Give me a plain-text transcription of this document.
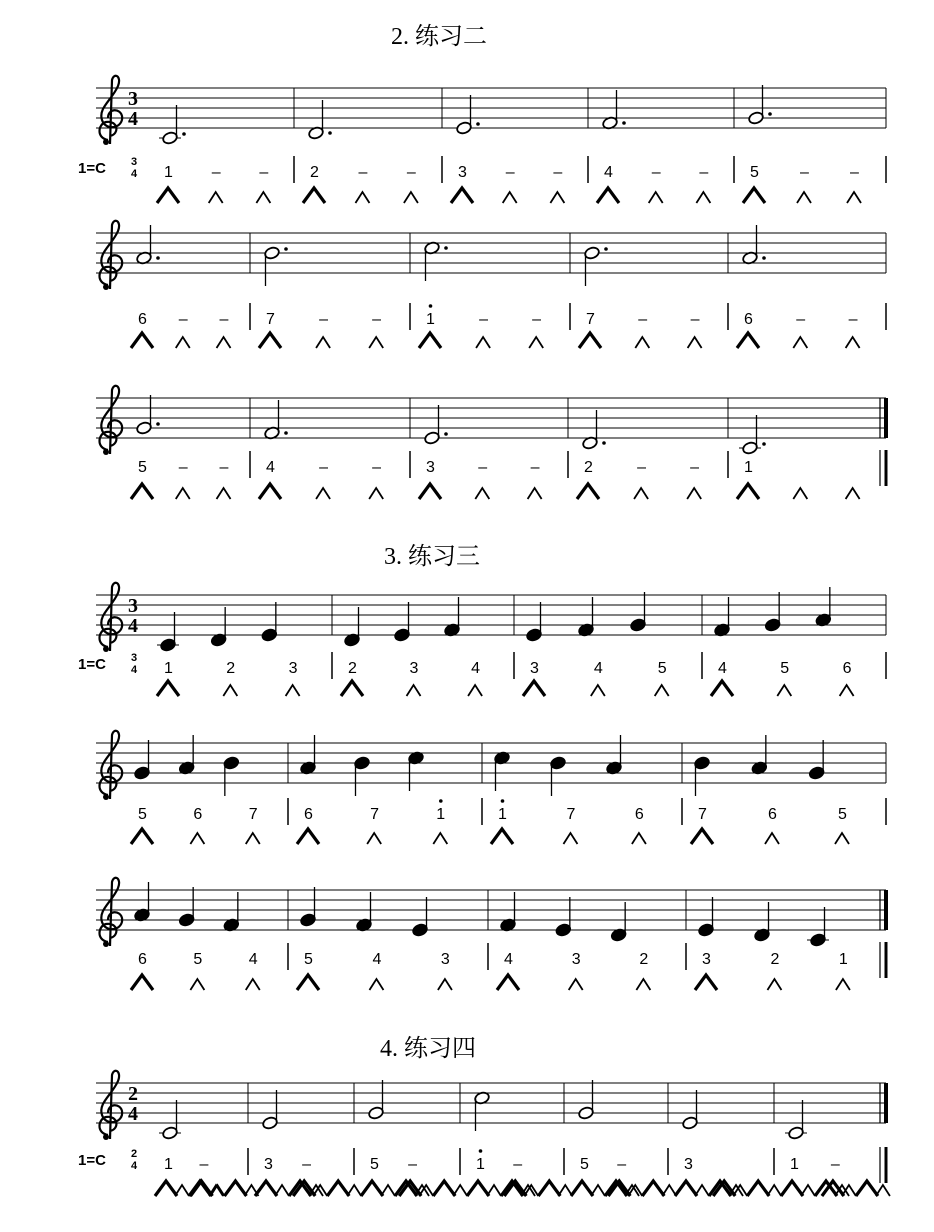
2. 练习二
3. 练习三
4. 练习四
3
4
1=C 3
4 1 – –	2 – –	3 – –	4 – –	5	–	–
6 – – 7	–	–	1	–	–	7	–	–	6	–	–
5 – – 4	–	–	3	–	–	2	–	–	1
3
4
1=C 3
4 1	2	3	2	3	4	3	4	5	4	5	6
5	6	7	6	7	1	1	7	6	7	6	5
6	5	4	5	4	3	4	3	2	3	2	1
2
4
1=C 2
4 1 –	3 –	5 –	1 –	5 –	3	1 –
